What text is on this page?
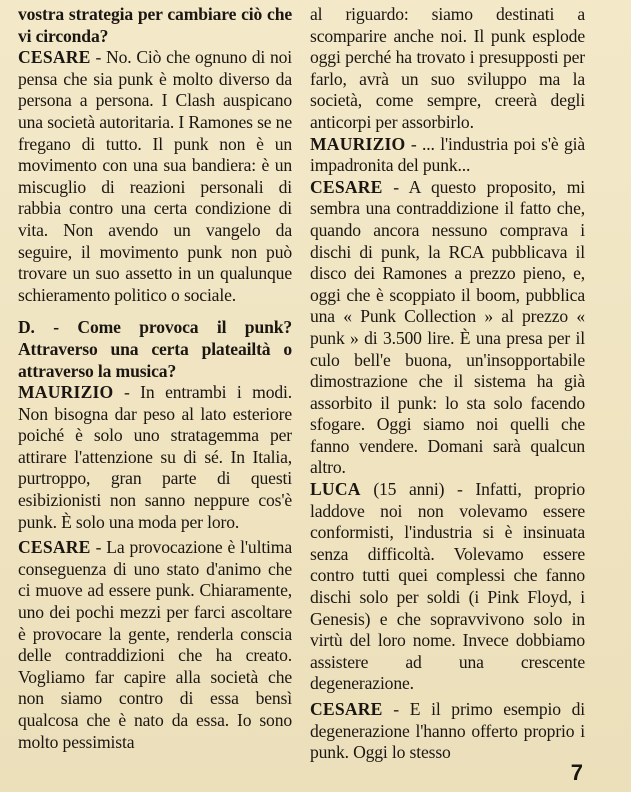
vostra strategia per cambiare ciò che vi circonda?

CESARE - No. Ciò che ognuno di noi pensa che sia punk è molto diverso da persona a persona. I Clash auspicano una società autoritaria. I Ramones se ne fregano di tutto. Il punk non è un movimento con una sua bandiera: è un miscuglio di reazioni personali di rabbia contro una certa condizione di vita. Non avendo un vangelo da seguire, il movimento punk non può trovare un suo assetto in un qualunque schieramento politico o sociale.

D. - Come provoca il punk? Attraverso una certa plateailtà o attraverso la musica?

MAURIZIO - In entrambi i modi. Non bisogna dar peso al lato esteriore poiché è solo uno stratagemma per attirare l'attenzione su di sé. In Italia, purtroppo, gran parte di questi esibizionisti non sanno neppure cos'è punk. È solo una moda per loro.

CESARE - La provocazione è l'ultima conseguenza di uno stato d'animo che ci muove ad essere punk. Chiaramente, uno dei pochi mezzi per farci ascoltare è provocare la gente, renderla conscia delle contraddizioni che ha creato. Vogliamo far capire alla società che non siamo contro di essa bensì qualcosa che è nato da essa. Io sono molto pessimista

al riguardo: siamo destinati a scomparire anche noi. Il punk esplode oggi perché ha trovato i presupposti per farlo, avrà un suo sviluppo ma la società, come sempre, creerà degli anticorpi per assorbirlo.

MAURIZIO - ... l'industria poi s'è già impadronita del punk...

CESARE - A questo proposito, mi sembra una contraddizione il fatto che, quando ancora nessuno comprava i dischi di punk, la RCA pubblicava il disco dei Ramones a prezzo pieno, e, oggi che è scoppiato il boom, pubblica una « Punk Collection » al prezzo « punk » di 3.500 lire. È una presa per il culo bell'e buona, un'insopportabile dimostrazione che il sistema ha già assorbito il punk: lo sta solo facendo sfogare. Oggi siamo noi quelli che fanno vendere. Domani sarà qualcun altro.

LUCA (15 anni) - Infatti, proprio laddove noi non volevamo essere conformisti, l'industria si è insinuata senza difficoltà. Volevamo essere contro tutti quei complessi che fanno dischi solo per soldi (i Pink Floyd, i Genesis) e che sopravvivono solo in virtù del loro nome. Invece dobbiamo assistere ad una crescente degenerazione.

CESARE - E il primo esempio di degenerazione l'hanno offerto proprio i punk. Oggi lo stesso

7
